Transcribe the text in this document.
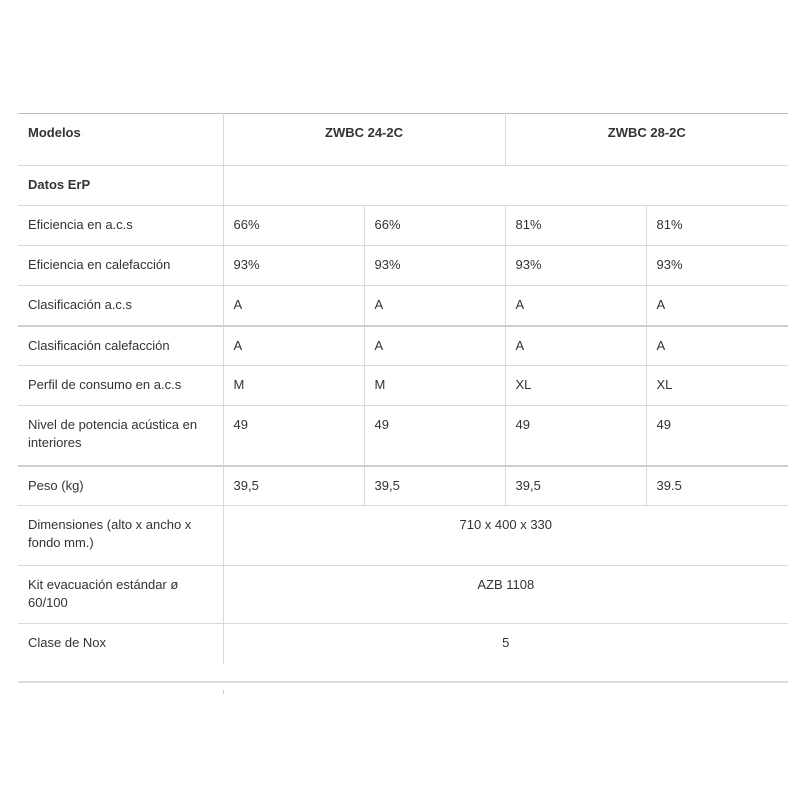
Modelos	ZWBC 24-2C		ZWBC 28-2C	
Datos ErP				
Eficiencia en a.c.s	66%	66%	81%	81%
Eficiencia en calefacción	93%	93%	93%	93%
Clasificación a.c.s	A	A	A	A
Clasificación calefacción	A	A	A	A
Perfil de consumo en a.c.s	M	M	XL	XL
Nivel de potencia acústica en interiores	49	49	49	49
Peso (kg)	39,5	39,5	39,5	39.5
Dimensiones (alto x ancho x fondo mm.)	710 x 400 x 330			
Kit evacuación estándar ø 60/100	AZB 1108			
Clase de Nox	5			
